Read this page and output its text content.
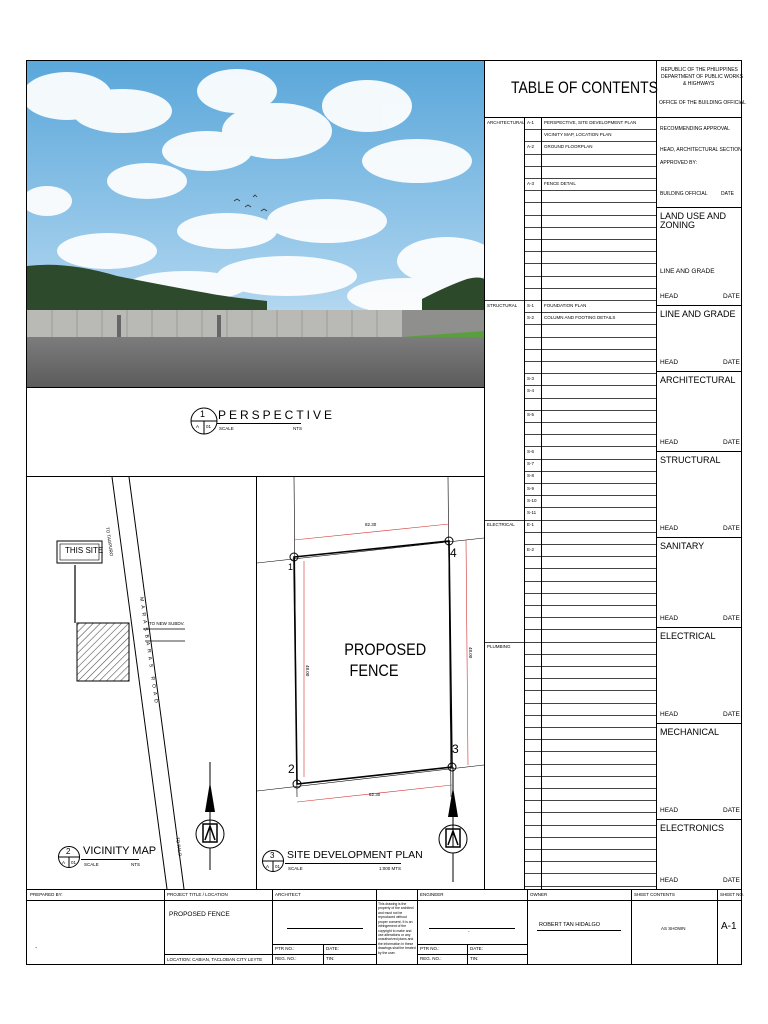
1
A 01
PERSPECTIVE
SCALE	NTS
THIS SITE TO TAGPURO
MARASBARAS ROAD
TO NEW SUBDV.
TO PALO
2
A 01
VICINITY MAP
SCALE	NTS
PROPOSED FENCE
82.30
82.30
48.00
48.00
1
2
3
4
3
A 01
SITE DEVELOPMENT PLAN
SCALE	1:000 MTS
TABLE OF CONTENTS
ARCHITECTURAL
STRUCTURAL
ELECTRICAL
PLUMBING
A-1 PERSPECTIVE, SITE DEVELOPMENT PLAN
VICINITY MAP, LOCATION PLAN
A-2 GROUND FLOORPLAN
A-3 FENCE DETAIL
S-1 FOUNDATION PLAN
S-2 COLUMN AND FOOTING DETAILS
S-3
S-4
S-5
S-6
S-7
S-8
S-9
S-10
S-11
E-1
E-2
REPUBLIC OF THE PHILIPPINES
DEPARTMENT OF PUBLIC WORKS
& HIGHWAYS
OFFICE OF THE BUILDING OFFICIAL
RECOMMENDING APPROVAL
HEAD, ARCHITECTURAL SECTION
APPROVED BY:
BUILDING OFFICIAL	DATE
LAND USE AND ZONING
LINE AND GRADE
HEAD	DATE
LINE AND GRADE
HEAD	DATE
ARCHITECTURAL
HEAD	DATE
STRUCTURAL
HEAD	DATE
SANITARY
HEAD	DATE
ELECTRICAL
HEAD	DATE
MECHANICAL
HEAD	DATE
ELECTRONICS
HEAD	DATE
PREPARED BY:
.
PROJECT TITLE / LOCATION
PROPOSED FENCE
LOCATION: CABIAN, TACLOBAN CITY LEYTE
ARCHITECT
PTR NO.:	DATE:
REG. NO.:	TIN:
This drawing is the property of the architect and must not be reproduced without proper consent. It is an infringement of the copyright to make and use alterations or any unauthorized plans and the information in these drawings shall be treated by the user.
ENGINEER
-
PTR NO.:	DATE:
REG. NO.:	TIN:
OWNER
ROBERT TAN HIDALGO
SHEET CONTENTS
AS SHOWN
SHEET NO.
A-1
